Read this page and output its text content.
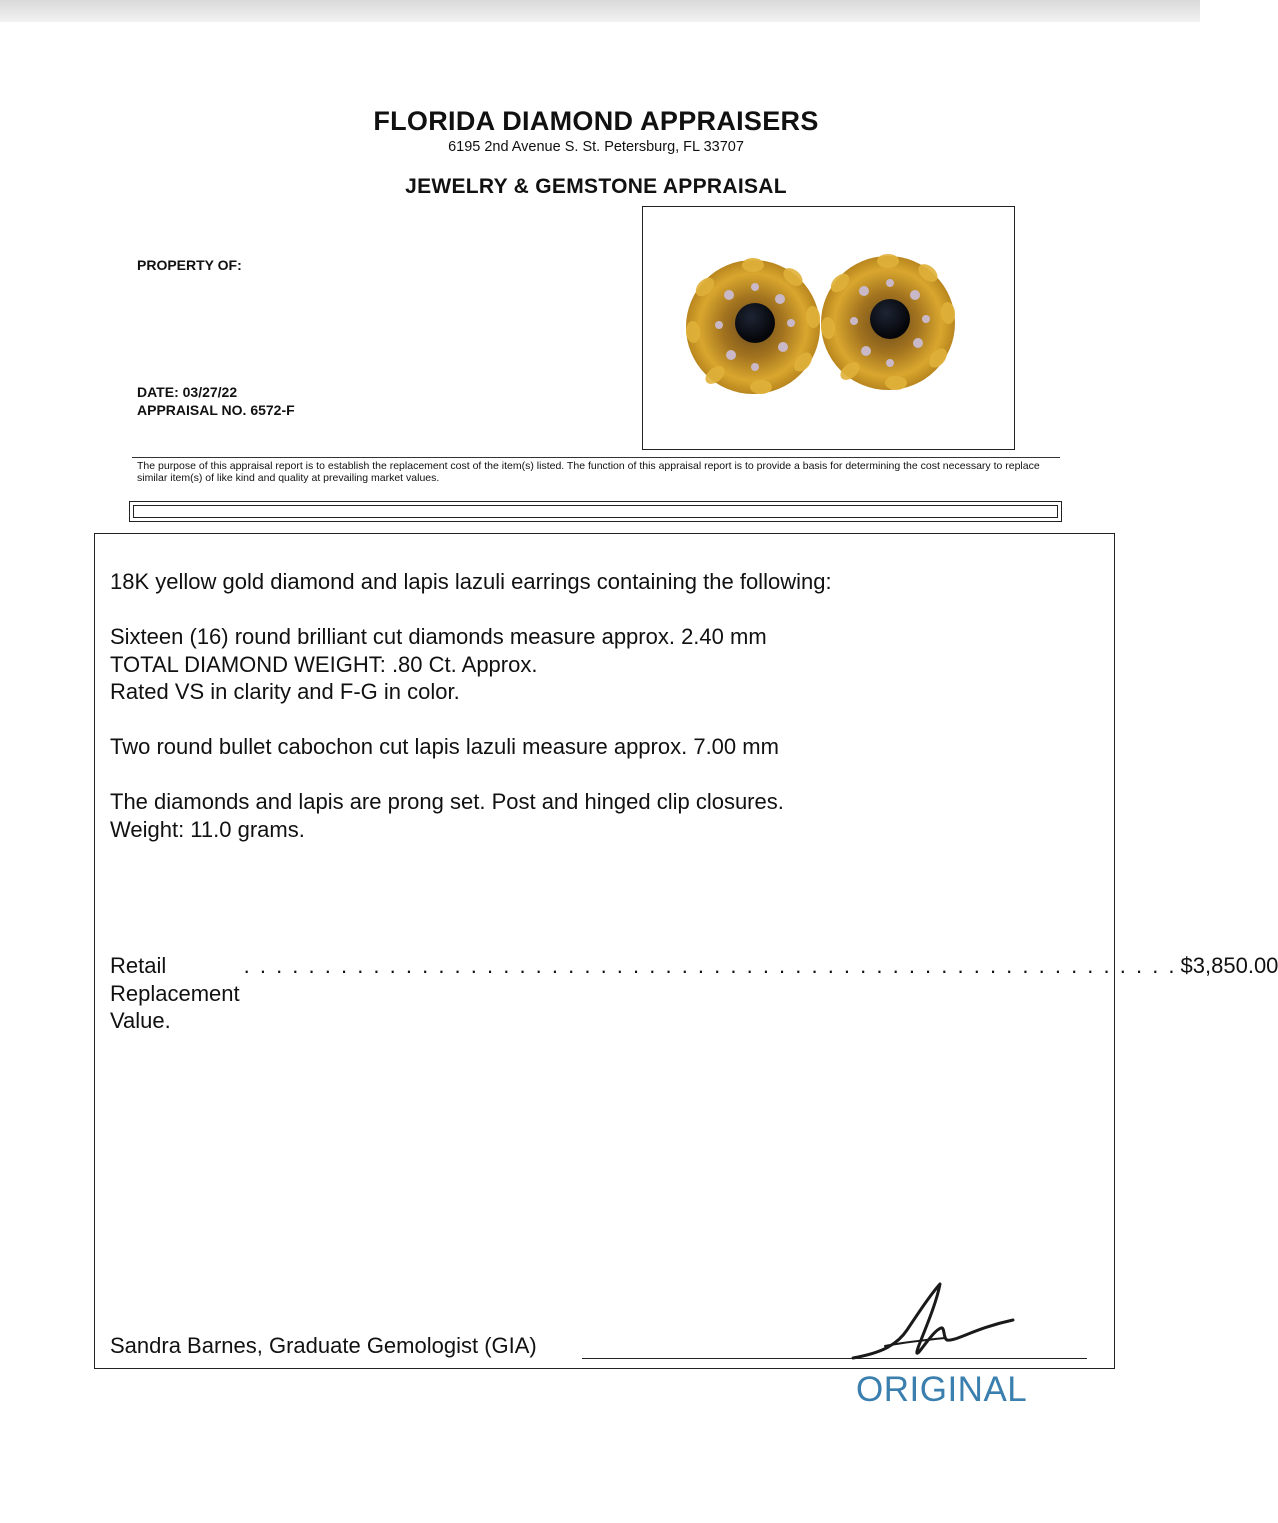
FLORIDA DIAMOND APPRAISERS
6195 2nd Avenue S. St. Petersburg, FL 33707
JEWELRY & GEMSTONE APPRAISAL
PROPERTY OF:
DATE: 03/27/22
APPRAISAL NO. 6572-F
The purpose of this appraisal report is to establish the replacement cost of the item(s) listed. The function of this appraisal report is to provide a basis for determining the cost necessary to replace similar item(s) of like kind and quality at prevailing market values.
18K yellow gold diamond and lapis lazuli earrings containing the following:
Sixteen (16) round brilliant cut diamonds measure approx. 2.40 mm
TOTAL DIAMOND WEIGHT: .80 Ct. Approx.
Rated VS in clarity and F-G in color.
Two round bullet cabochon cut lapis lazuli measure approx. 7.00 mm
The diamonds and lapis are prong set. Post and hinged clip closures.
Weight: 11.0 grams.
Retail Replacement Value.
. . . . . . . . . . . . . . . . . . . . . . . . . . . . . . . . . . . . . . . . . . . . . . . . . . . . . . . . . . $3,850.00
Sandra Barnes, Graduate Gemologist (GIA)
ORIGINAL
